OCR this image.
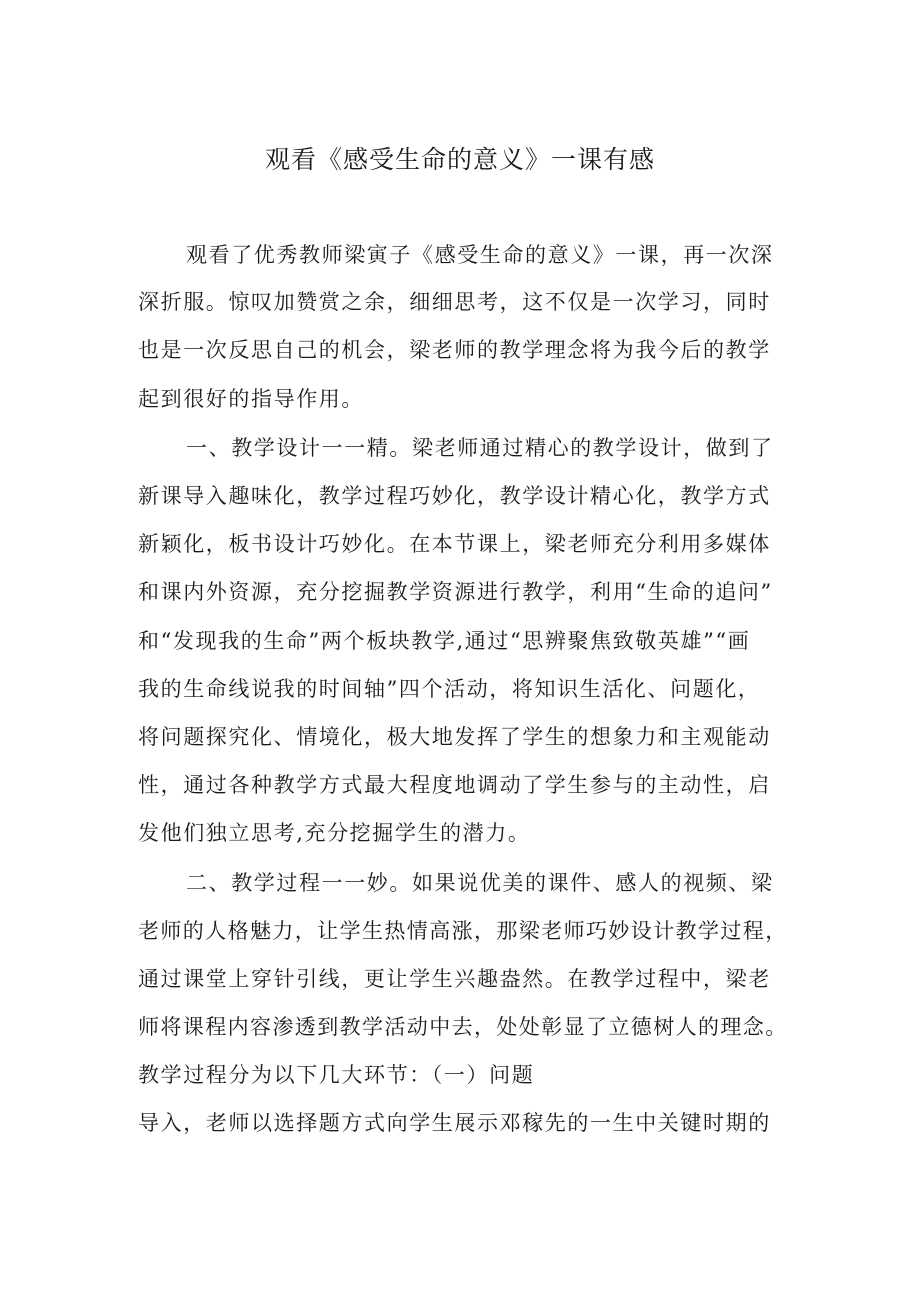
观看《感受生命的意义》一课有感
观看了优秀教师梁寅子《感受生命的意义》一课，再一次深
深折服。惊叹加赞赏之余，细细思考，这不仅是一次学习，同时
也是一次反思自己的机会，梁老师的教学理念将为我今后的教学
起到很好的指导作用。
一、教学设计一一精。梁老师通过精心的教学设计，做到了
新课导入趣味化，教学过程巧妙化，教学设计精心化，教学方式
新颖化，板书设计巧妙化。在本节课上，梁老师充分利用多媒体
和课内外资源，充分挖掘教学资源进行教学，利用“生命的追问”
和“发现我的生命”两个板块教学,通过“思辨聚焦致敬英雄”“画
我的生命线说我的时间轴”四个活动，将知识生活化、问题化，
将问题探究化、情境化，极大地发挥了学生的想象力和主观能动
性，通过各种教学方式最大程度地调动了学生参与的主动性，启
发他们独立思考,充分挖掘学生的潜力。
二、教学过程一一妙。如果说优美的课件、感人的视频、梁
老师的人格魅力，让学生热情高涨，那梁老师巧妙设计教学过程，
通过课堂上穿针引线，更让学生兴趣盎然。在教学过程中，梁老
师将课程内容渗透到教学活动中去，处处彰显了立德树人的理念。
教学过程分为以下几大环节：（一）问题
导入，老师以选择题方式向学生展示邓稼先的一生中关键时期的
